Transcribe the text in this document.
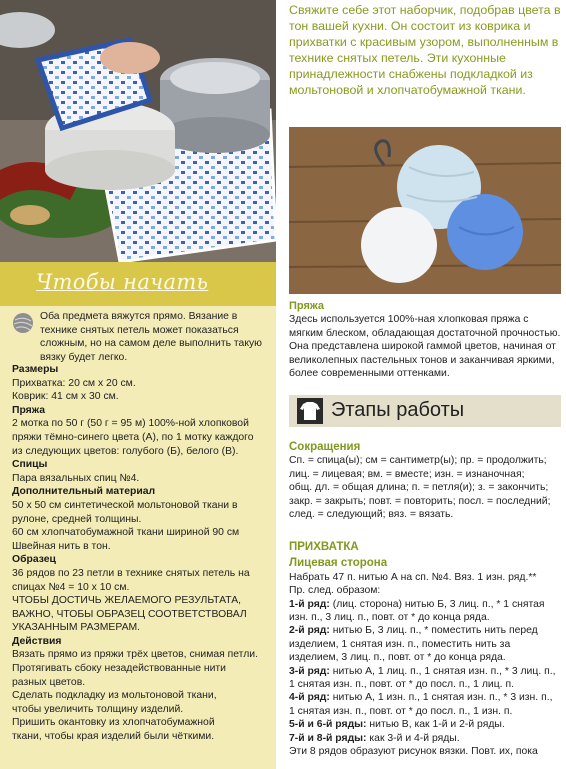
Чтобы начать
Оба предмета вяжутся прямо. Вязание в технике снятых петель может показаться сложным, но на самом деле выполнить такую вязку будет легко.
Размеры
Прихватка: 20 см х 20 см.
Коврик: 41 см х 30 см.
Пряжа
2 мотка по 50 г (50 г = 95 м) 100%-ной хлопковой
пряжи тёмно-синего цвета (А), по 1 мотку каждого
из следующих цветов: голубого (Б), белого (В).
Спицы
Пара вязальных спиц №4.
Дополнительный материал
50 х 50 см синтетической мольтоновой ткани в
рулоне, средней толщины.
60 см хлопчатобумажной ткани шириной 90 см
Швейная нить в тон.
Образец
36 рядов по 23 петли в технике снятых петель на
спицах №4 = 10 х 10 см.
ЧТОБЫ ДОСТИЧЬ ЖЕЛАЕМОГО РЕЗУЛЬТАТА,
ВАЖНО, ЧТОБЫ ОБРАЗЕЦ СООТВЕТСТВОВАЛ
УКАЗАННЫМ РАЗМЕРАМ.
Действия
Вязать прямо из пряжи трёх цветов, снимая петли.
Протягивать сбоку незадействованные нити
разных цветов.
Сделать подкладку из мольтоновой ткани,
чтобы увеличить толщину изделий.
Пришить окантовку из хлопчатобумажной
ткани, чтобы края изделий были чёткими.
Свяжите себе этот наборчик, подобрав цвета в тон вашей кухни. Он состоит из коврика и прихватки с красивым узором, выполненным в технике снятых петель. Эти кухонные принадлежности снабжены подкладкой из мольтоновой и хлопчатобумажной ткани.
Пряжа
Здесь используется 100%-ная хлопковая пряжа с мягким блеском, обладающая достаточной прочностью. Она представлена широкой гаммой цветов, начиная от великолепных пастельных тонов и заканчивая яркими, более современными оттенками.
Этапы работы
Сокращения
Сп. = спица(ы); см = сантиметр(ы); пр. = продолжить;
лиц. = лицевая; вм. = вместе; изн. = изнаночная;
общ. дл. = общая длина; п. = петля(и); з. = закончить;
закр. = закрыть; повт. = повторить; посл. = последний;
след. = следующий; вяз. = вязать.
ПРИХВАТКА
Лицевая сторона
Набрать 47 п. нитью А на сп. №4. Вяз. 1 изн. ряд.**
Пр. след. образом:
1-й ряд: (лиц. сторона) нитью Б, 3 лиц. п., * 1 снятая
изн. п., 3 лиц. п., повт. от * до конца ряда.
2-й ряд: нитью Б, 3 лиц. п., * поместить нить перед
изделием, 1 снятая изн. п., поместить нить за
изделием, 3 лиц. п., повт. от * до конца ряда.
3-й ряд: нитью А, 1 лиц. п., 1 снятая изн. п., * 3 лиц. п.,
1 снятая изн. п., повт. от * до посл. п., 1 лиц. п.
4-й ряд: нитью А, 1 изн. п., 1 снятая изн. п., * 3 изн. п.,
1 снятая изн. п., повт. от * до посл. п., 1 изн. п.
5-й и 6-й ряды: нитью В, как 1-й и 2-й ряды.
7-й и 8-й ряды: как 3-й и 4-й ряды.
Эти 8 рядов образуют рисунок вязки. Повт. их, пока
